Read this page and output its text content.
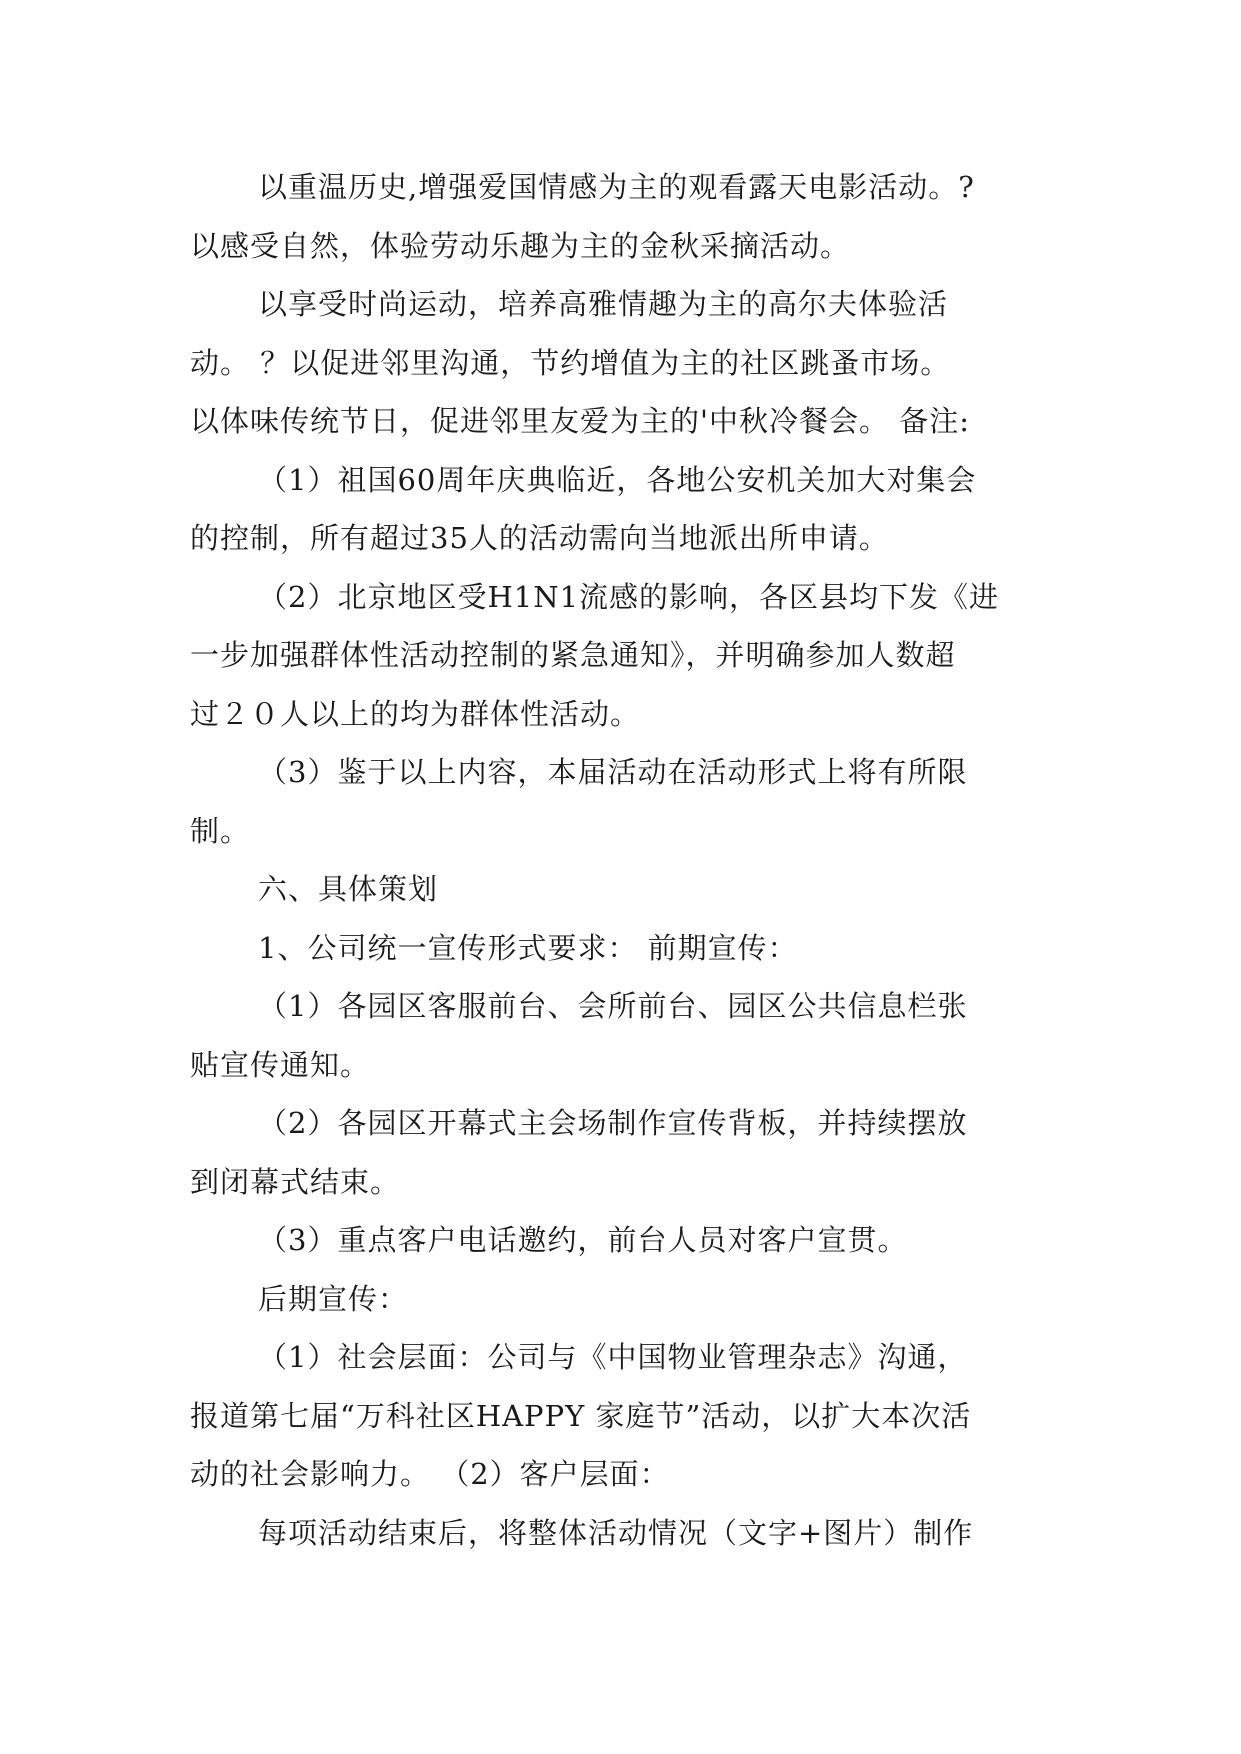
以重温历史,增强爱国情感为主的观看露天电影活动。?
以感受自然，体验劳动乐趣为主的金秋采摘活动。
以享受时尚运动，培养高雅情趣为主的高尔夫体验活
动。 ？以促进邻里沟通，节约增值为主的社区跳蚤市场。
以体味传统节日，促进邻里友爱为主的'中秋冷餐会。 备注:
（1）祖国60周年庆典临近，各地公安机关加大对集会
的控制，所有超过35人的活动需向当地派出所申请。
（2）北京地区受H1N1流感的影响，各区县均下发《进
一步加强群体性活动控制的紧急通知》，并明确参加人数超
过２０人以上的均为群体性活动。
（3）鉴于以上内容，本届活动在活动形式上将有所限
制。
六、具体策划
1、公司统一宣传形式要求： 前期宣传：
（1）各园区客服前台、会所前台、园区公共信息栏张
贴宣传通知。
（2）各园区开幕式主会场制作宣传背板，并持续摆放
到闭幕式结束。
（3）重点客户电话邀约，前台人员对客户宣贯。
后期宣传：
（1）社会层面：公司与《中国物业管理杂志》沟通，
报道第七届“万科社区HAPPY 家庭节”活动，以扩大本次活
动的社会影响力。 （2）客户层面：
每项活动结束后，将整体活动情况（文字+图片）制作
